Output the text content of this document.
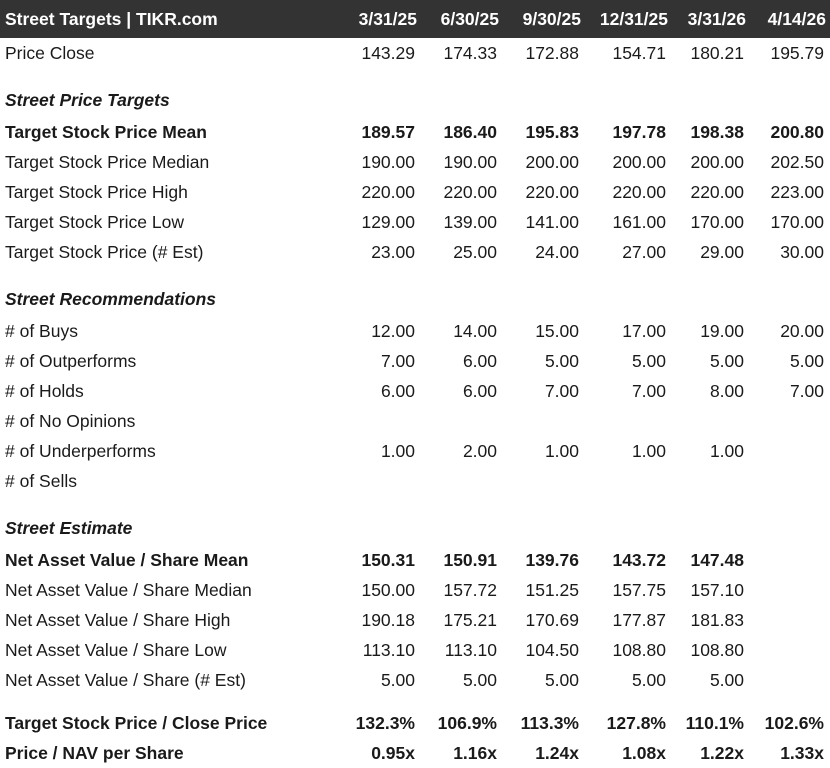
Street Targets | TIKR.com	3/31/25	6/30/25	9/30/25	12/31/25	3/31/26	4/14/26
Price Close	143.29	174.33	172.88	154.71	180.21	195.79
Street Price Targets						
Target Stock Price Mean	189.57	186.40	195.83	197.78	198.38	200.80
Target Stock Price Median	190.00	190.00	200.00	200.00	200.00	202.50
Target Stock Price High	220.00	220.00	220.00	220.00	220.00	223.00
Target Stock Price Low	129.00	139.00	141.00	161.00	170.00	170.00
Target Stock Price (# Est)	23.00	25.00	24.00	27.00	29.00	30.00
Street Recommendations						
# of Buys	12.00	14.00	15.00	17.00	19.00	20.00
# of Outperforms	7.00	6.00	5.00	5.00	5.00	5.00
# of Holds	6.00	6.00	7.00	7.00	8.00	7.00
# of No Opinions						
# of Underperforms	1.00	2.00	1.00	1.00	1.00	
# of Sells						
Street Estimate						
Net Asset Value / Share Mean	150.31	150.91	139.76	143.72	147.48	
Net Asset Value / Share Median	150.00	157.72	151.25	157.75	157.10	
Net Asset Value / Share High	190.18	175.21	170.69	177.87	181.83	
Net Asset Value / Share Low	113.10	113.10	104.50	108.80	108.80	
Net Asset Value / Share (# Est)	5.00	5.00	5.00	5.00	5.00	

Target Stock Price / Close Price	132.3%	106.9%	113.3%	127.8%	110.1%	102.6%
Price / NAV per Share	0.95x	1.16x	1.24x	1.08x	1.22x	1.33x
